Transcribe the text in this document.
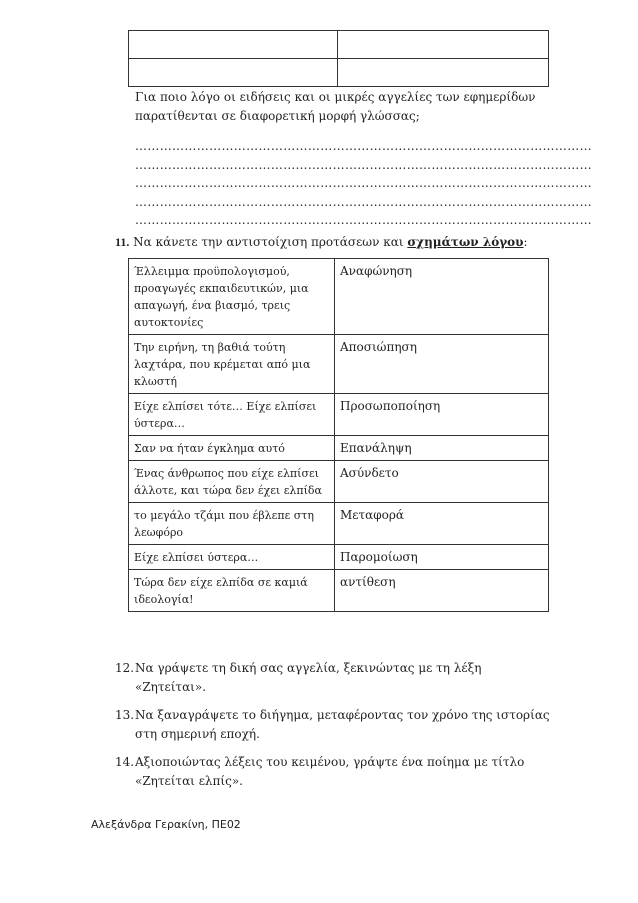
Για ποιο λόγο οι ειδήσεις και οι μικρές αγγελίες των εφημερίδων
παρατίθενται σε διαφορετική μορφή γλώσσας;
…………………………………………………………………………………………………
…………………………………………………………………………………………………
…………………………………………………………………………………………………
…………………………………………………………………………………………………
…………………………………………………………………………………………………
11. Να κάνετε την αντιστοίχιση προτάσεων και σχημάτων λόγου:
Έλλειμμα προϋπολογισμού, προαγωγές εκπαιδευτικών, μια απαγωγή, ένα βιασμό, τρεις αυτοκτονίες	Αναφώνηση
Την ειρήνη, τη βαθιά τούτη λαχτάρα, που κρέμεται από μια κλωστή	Αποσιώπηση
Είχε ελπίσει τότε… Είχε ελπίσει ύστερα…	Προσωποποίηση
Σαν να ήταν έγκλημα αυτό	Επανάληψη
Ένας άνθρωπος που είχε ελπίσει άλλοτε, και τώρα δεν έχει ελπίδα	Ασύνδετο
το μεγάλο τζάμι που έβλεπε στη λεωφόρο	Μεταφορά
Είχε ελπίσει ύστερα…	Παρομοίωση
Τώρα δεν είχε ελπίδα σε καμιά ιδεολογία!	αντίθεση
12. Να γράψετε τη δική σας αγγελία, ξεκινώντας με τη λέξη
«Ζητείται».
13. Να ξαναγράψετε το διήγημα, μεταφέροντας τον χρόνο της ιστορίας
στη σημερινή εποχή.
14. Αξιοποιώντας λέξεις του κειμένου, γράψτε ένα ποίημα με τίτλο
«Ζητείται ελπίς».
Αλεξάνδρα Γερακίνη, ΠΕ02
